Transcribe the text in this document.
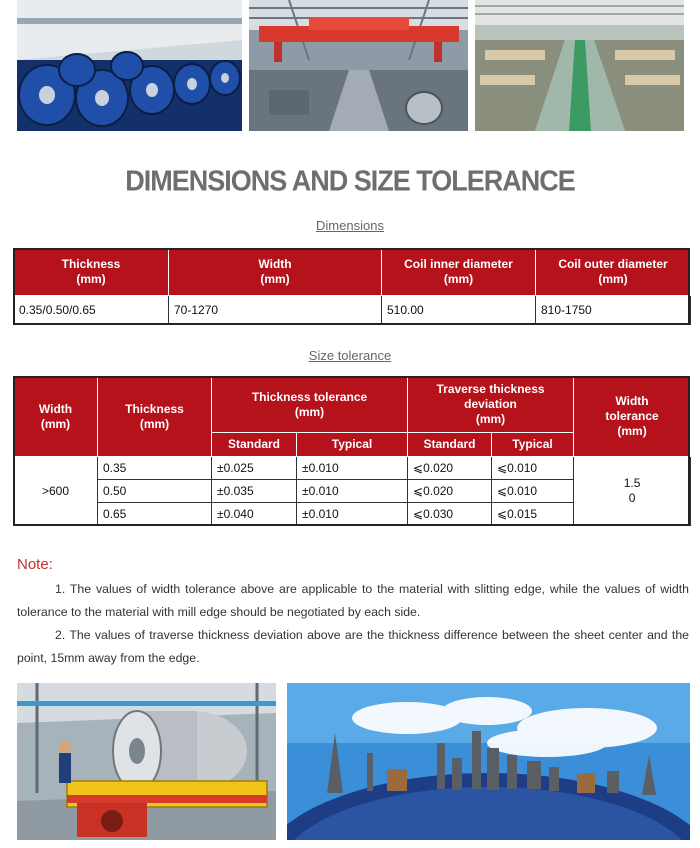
DIMENSIONS AND SIZE TOLERANCE
Dimensions
Thickness
(mm)	Width
(mm)	Coil inner diameter
(mm)	Coil outer diameter
(mm)
0.35/0.50/0.65	70-1270	510.00	810-1750
Size tolerance
Width
(mm)	Thickness
(mm)	Thickness tolerance
(mm)		Traverse thickness
deviation
(mm)		Width
tolerance
(mm)
		Standard	Typical	Standard	Typical	
>600	0.35	±0.025	±0.010	⩽0.020	⩽0.010	1.5
0
	0.50	±0.035	±0.010	⩽0.020	⩽0.010	
	0.65	±0.040	±0.010	⩽0.030	⩽0.015	
Note:
1. The values of width tolerance above are applicable to the material with slitting edge, while the values of width tolerance to the material with mill edge should be negotiated by each side.
2. The values of traverse thickness deviation above are the thickness difference between the sheet center and the point, 15mm away from the edge.
